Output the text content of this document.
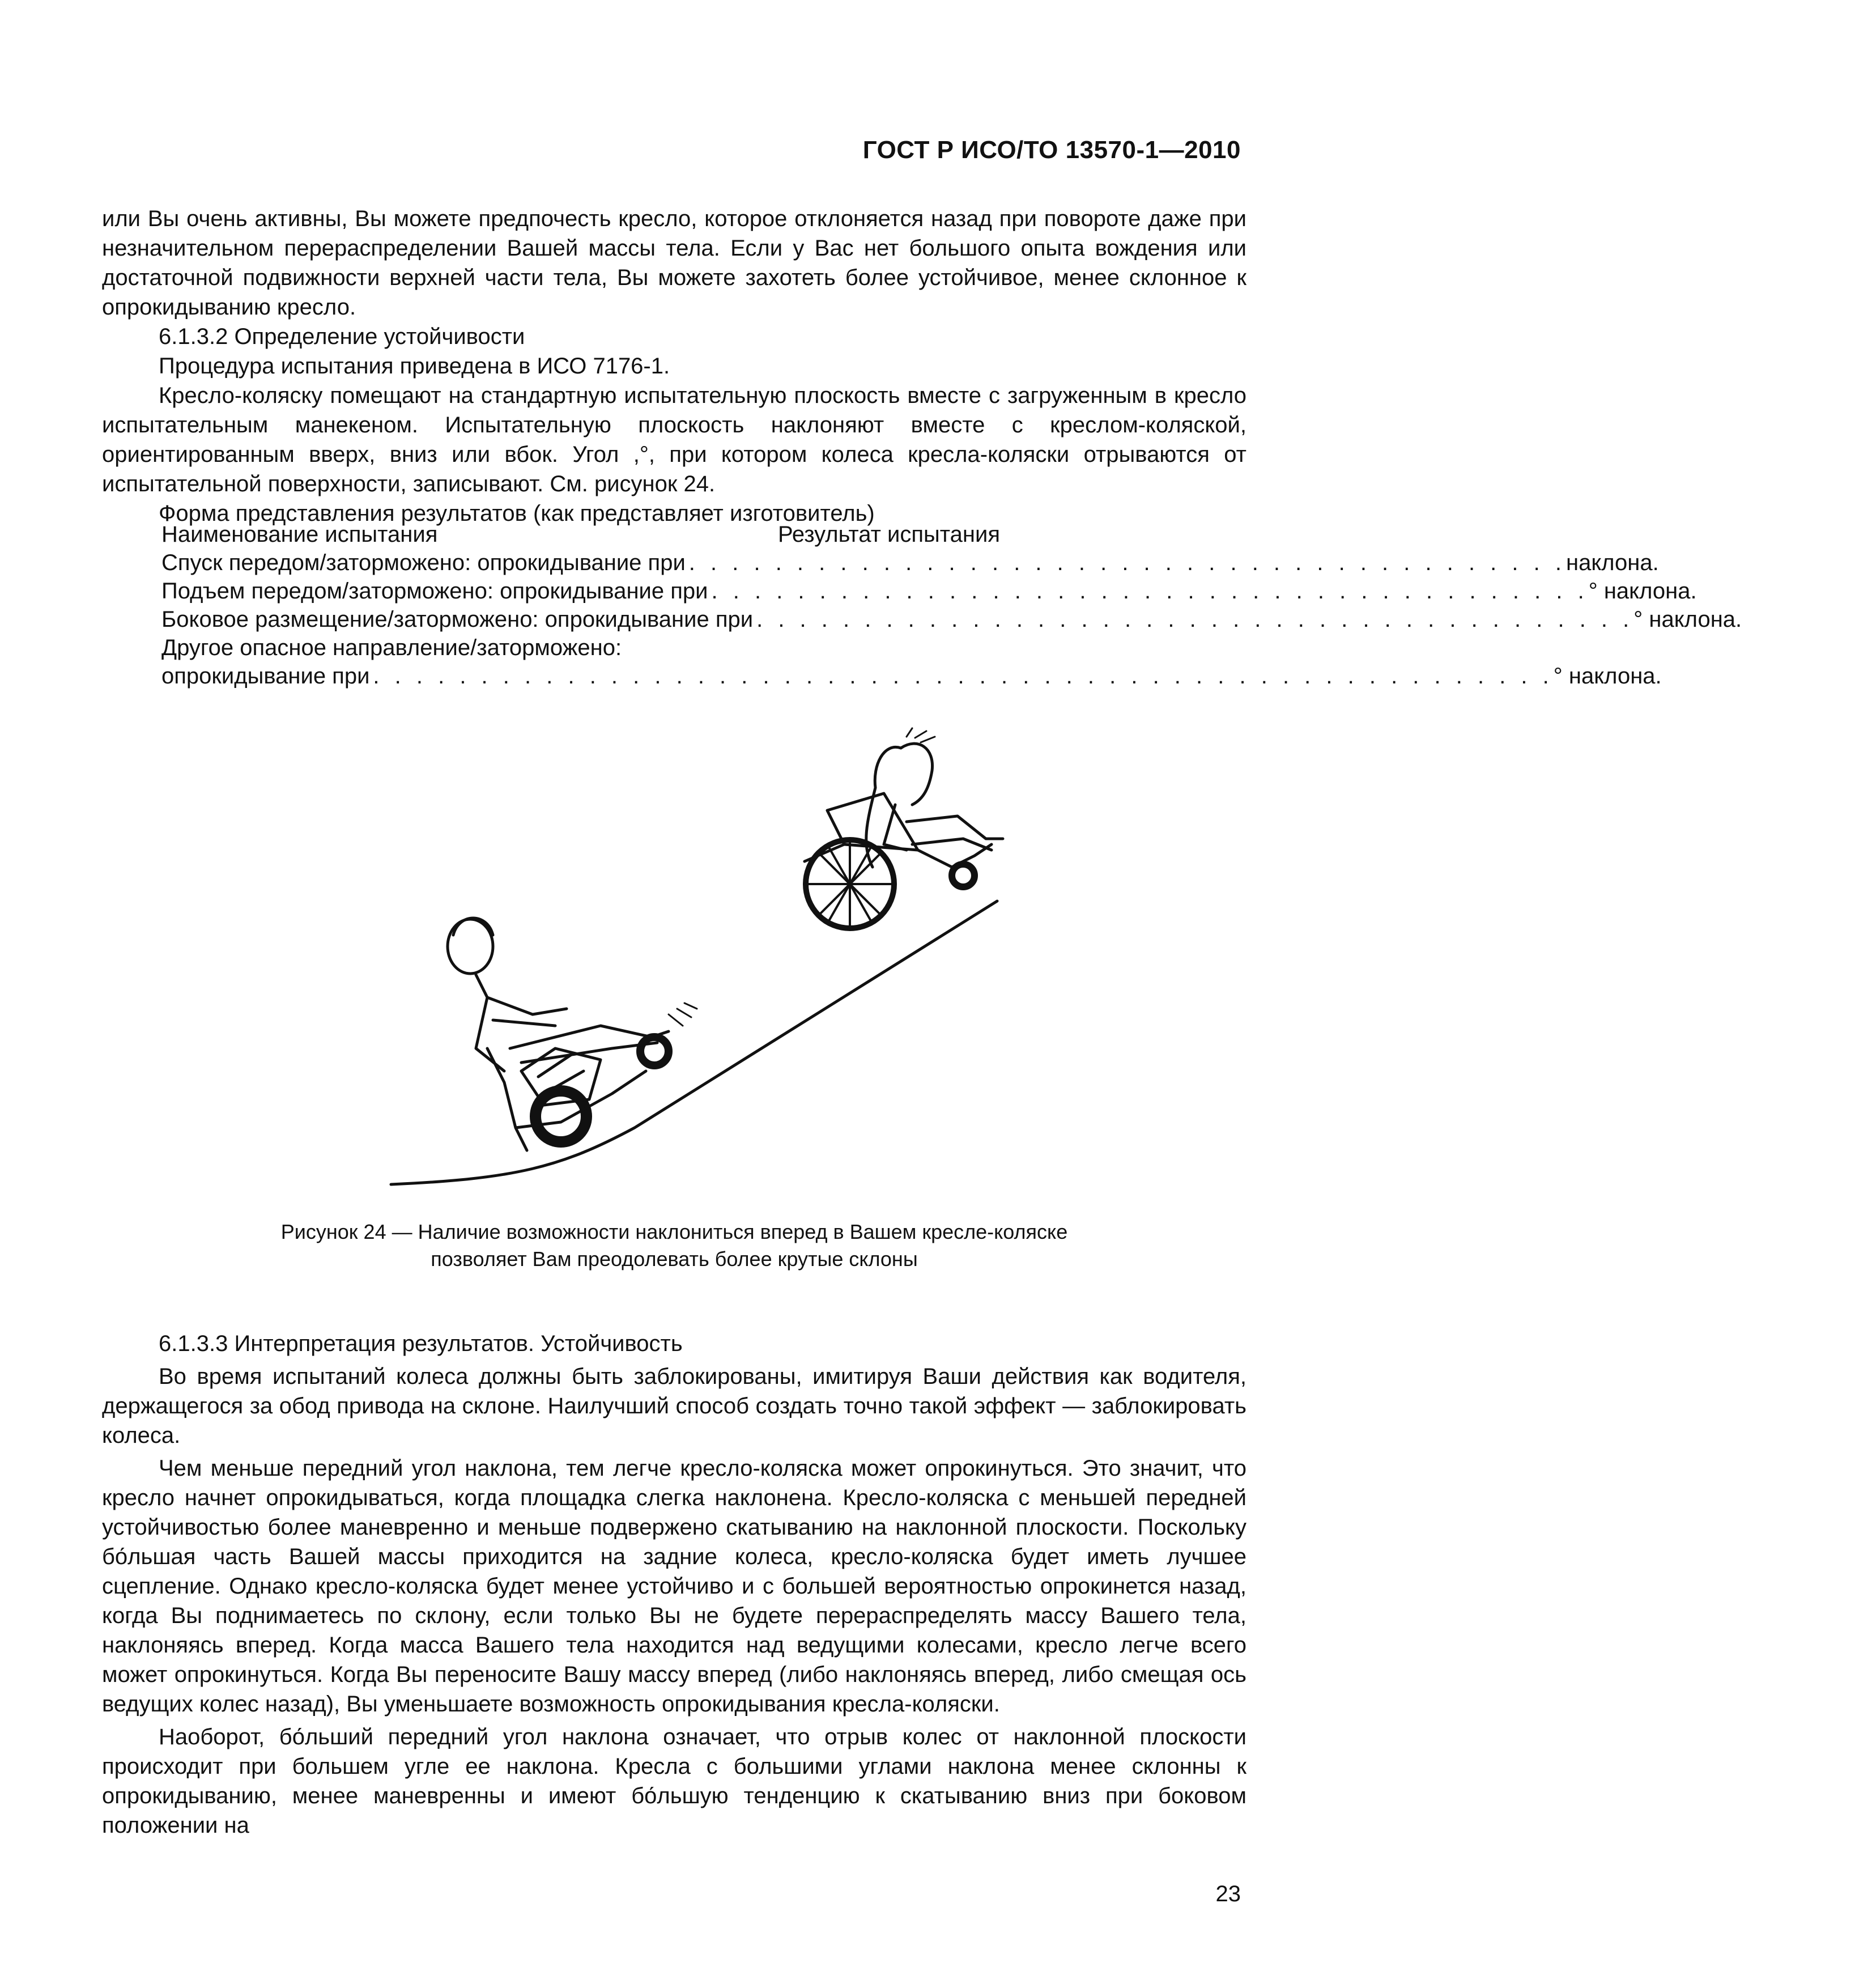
ГОСТ Р ИСО/ТО 13570-1—2010

или Вы очень активны, Вы можете предпочесть кресло, которое отклоняется назад при повороте даже при незначительном перераспределении Вашей массы тела. Если у Вас нет большого опыта вождения или достаточной подвижности верхней части тела, Вы можете захотеть более устойчивое, менее склонное к опрокидыванию кресло.

6.1.3.2 Определение устойчивости

Процедура испытания приведена в ИСО 7176-1.

Кресло-коляску помещают на стандартную испытательную плоскость вместе с загруженным в кресло испытательным манекеном. Испытательную плоскость наклоняют вместе с креслом-коляской, ориентированным вверх, вниз или вбок. Угол ,°, при котором колеса кресла-коляски отрываются от испытательной поверхности, записывают. См. рисунок 24.

Форма представления результатов (как представляет изготовитель)

Наименование испытания	Результат испытания
Спуск передом/заторможено: опрокидывание при . . . . . . . . . . . . . . . . . . . . . . . . . . . . . . . . . . . . . . . . . наклона.
Подъем передом/заторможено: опрокидывание при . . . . . . . . . . . . . . . . . . . . . . . . . . . . . . . . . . . . . . . . . ° наклона.
Боковое размещение/заторможено: опрокидывание при . . . . . . . . . . . . . . . . . . . . . . . . . . . . . . . . . . . . . . . . . ° наклона.
Другое опасное направление/заторможено:
опрокидывание при . . . . . . . . . . . . . . . . . . . . . . . . . . . . . . . . . . . . . . . . . . . . . . . . . . . . . . . ° наклона.
Рисунок 24 — Наличие возможности наклониться вперед в Вашем кресле-коляске
позволяет Вам преодолевать более крутые склоны

6.1.3.3 Интерпретация результатов. Устойчивость

Во время испытаний колеса должны быть заблокированы, имитируя Ваши действия как водителя, держащегося за обод привода на склоне. Наилучший способ создать точно такой эффект — заблокировать колеса.

Чем меньше передний угол наклона, тем легче кресло-коляска может опрокинуться. Это значит, что кресло начнет опрокидываться, когда площадка слегка наклонена. Кресло-коляска с меньшей передней устойчивостью более маневренно и меньше подвержено скатыванию на наклонной плоскости. Поскольку бо́льшая часть Вашей массы приходится на задние колеса, кресло-коляска будет иметь лучшее сцепление. Однако кресло-коляска будет менее устойчиво и с большей вероятностью опрокинется назад, когда Вы поднимаетесь по склону, если только Вы не будете перераспределять массу Вашего тела, наклоняясь вперед. Когда масса Вашего тела находится над ведущими колесами, кресло легче всего может опрокинуться. Когда Вы переносите Вашу массу вперед (либо наклоняясь вперед, либо смещая ось ведущих колес назад), Вы уменьшаете возможность опрокидывания кресла-коляски.

Наоборот, бо́льший передний угол наклона означает, что отрыв колес от наклонной плоскости происходит при большем угле ее наклона. Кресла с большими углами наклона менее склонны к опрокидыванию, менее маневренны и имеют бо́льшую тенденцию к скатыванию вниз при боковом положении на

23
